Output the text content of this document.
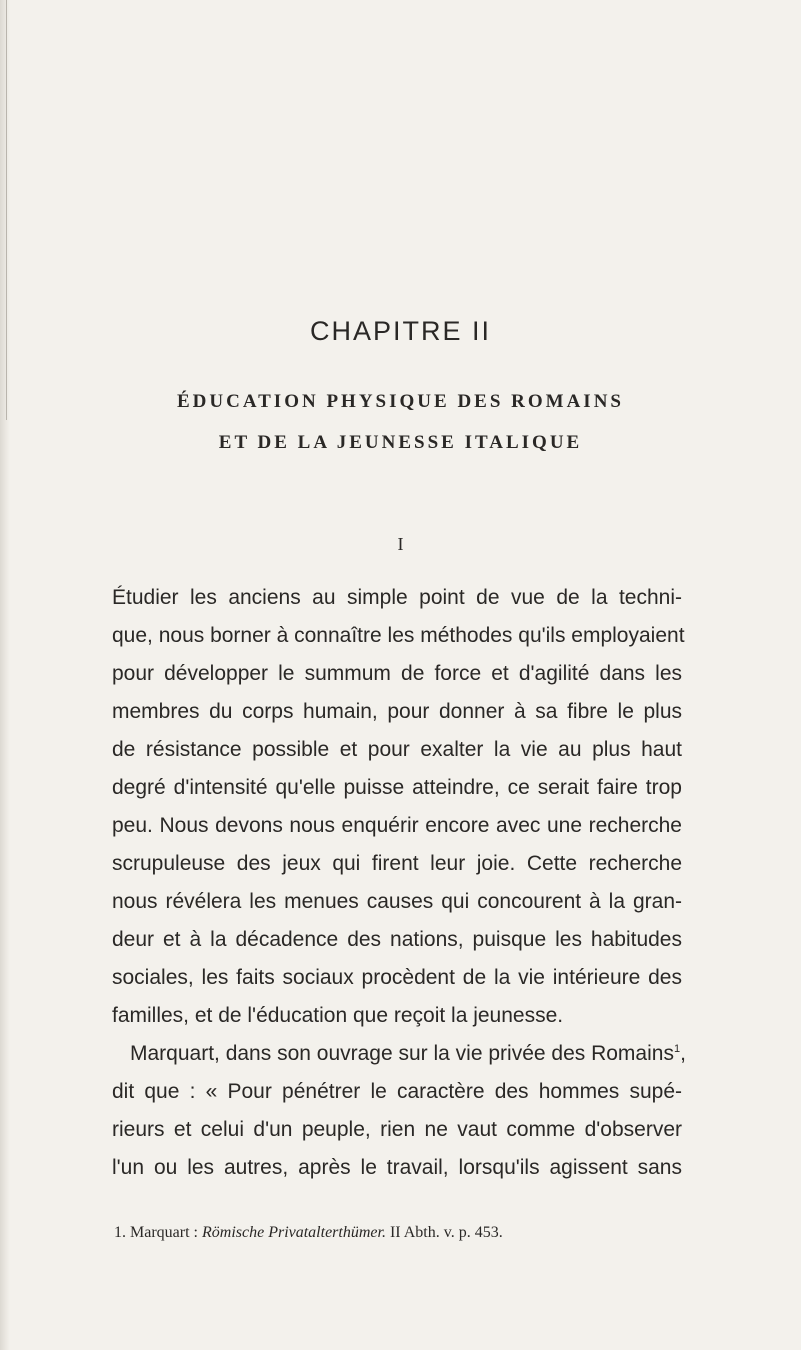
CHAPITRE II
ÉDUCATION PHYSIQUE DES ROMAINS
ET DE LA JEUNESSE ITALIQUE

I

Étudier les anciens au simple point de vue de la techni-
que, nous borner à connaître les méthodes qu'ils employaient
pour développer le summum de force et d'agilité dans les
membres du corps humain, pour donner à sa fibre le plus
de résistance possible et pour exalter la vie au plus haut
degré d'intensité qu'elle puisse atteindre, ce serait faire trop
peu. Nous devons nous enquérir encore avec une recherche
scrupuleuse des jeux qui firent leur joie. Cette recherche
nous révélera les menues causes qui concourent à la gran-
deur et à la décadence des nations, puisque les habitudes
sociales, les faits sociaux procèdent de la vie intérieure des
familles, et de l'éducation que reçoit la jeunesse.
Marquart, dans son ouvrage sur la vie privée des Romains$^1$,
dit que : « Pour pénétrer le caractère des hommes supé-
rieurs et celui d'un peuple, rien ne vaut comme d'observer
l'un ou les autres, après le travail, lorsqu'ils agissent sans

1. Marquart : Römische Privatalterthümer. II Abth. v. p. 453.
